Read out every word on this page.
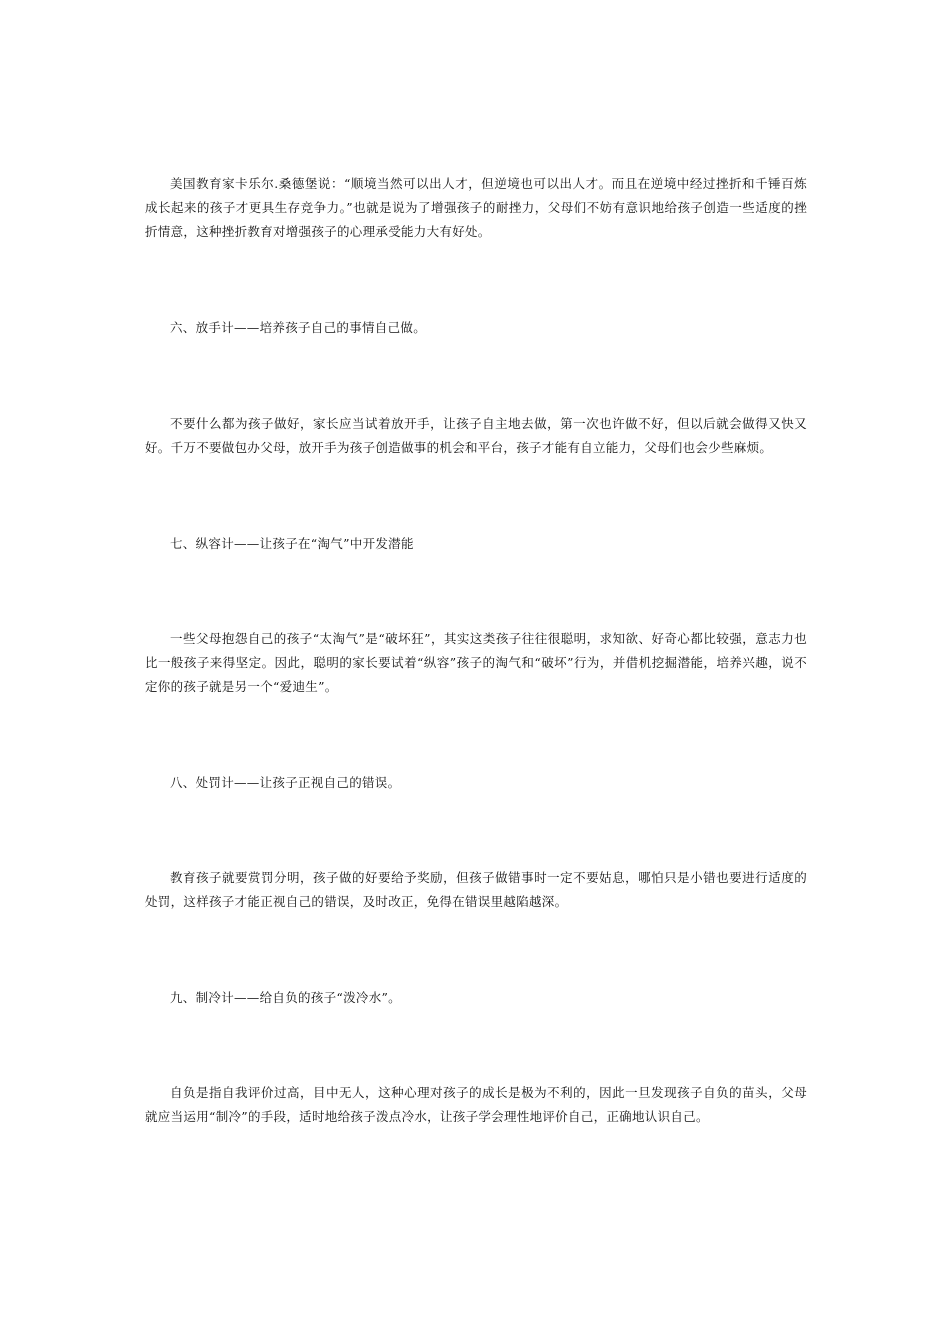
美国教育家卡乐尔.桑德堡说：“顺境当然可以出人才，但逆境也可以出人才。而且在逆境中经过挫折和千锤百炼成长起来的孩子才更具生存竞争力。”也就是说为了增强孩子的耐挫力，父母们不妨有意识地给孩子创造一些适度的挫折情意，这种挫折教育对增强孩子的心理承受能力大有好处。

六、放手计——培养孩子自己的事情自己做。

不要什么都为孩子做好，家长应当试着放开手，让孩子自主地去做，第一次也许做不好，但以后就会做得又快又好。千万不要做包办父母，放开手为孩子创造做事的机会和平台，孩子才能有自立能力，父母们也会少些麻烦。

七、纵容计——让孩子在“淘气”中开发潜能

一些父母抱怨自己的孩子“太淘气”是“破坏狂”，其实这类孩子往往很聪明，求知欲、好奇心都比较强，意志力也比一般孩子来得坚定。因此，聪明的家长要试着“纵容”孩子的淘气和“破坏”行为，并借机挖掘潜能，培养兴趣，说不定你的孩子就是另一个“爱迪生”。

八、处罚计——让孩子正视自己的错误。

教育孩子就要赏罚分明，孩子做的好要给予奖励，但孩子做错事时一定不要姑息，哪怕只是小错也要进行适度的处罚，这样孩子才能正视自己的错误，及时改正，免得在错误里越陷越深。

九、制冷计——给自负的孩子“泼冷水”。

自负是指自我评价过高，目中无人，这种心理对孩子的成长是极为不利的，因此一旦发现孩子自负的苗头，父母就应当运用“制冷”的手段，适时地给孩子泼点冷水，让孩子学会理性地评价自己，正确地认识自己。
